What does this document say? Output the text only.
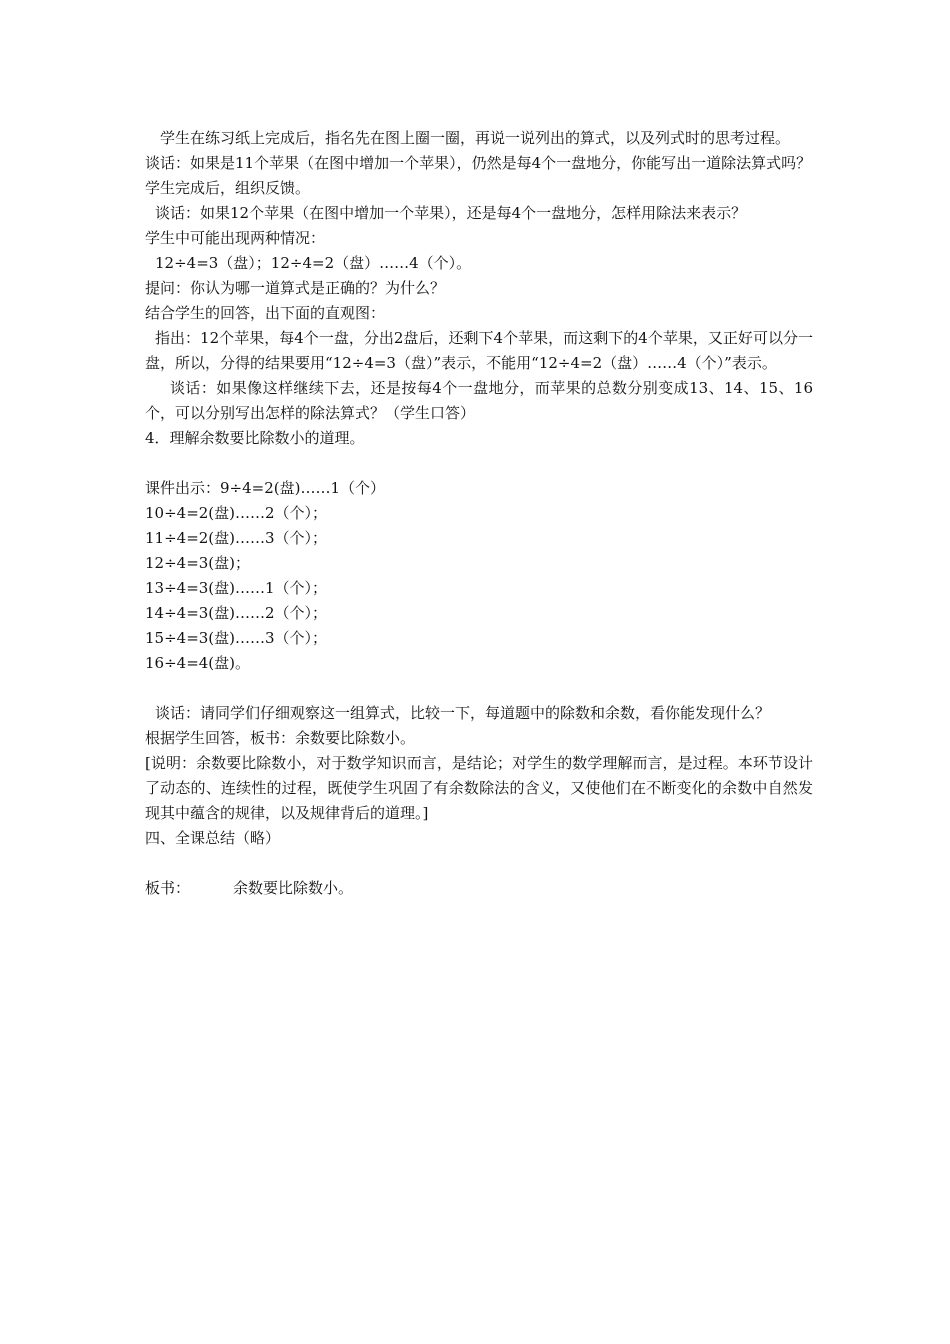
学生在练习纸上完成后，指名先在图上圈一圈，再说一说列出的算式，以及列式时的思考过程。

谈话：如果是11个苹果（在图中增加一个苹果），仍然是每4个一盘地分，你能写出一道除法算式吗？

学生完成后，组织反馈。

谈话：如果12个苹果（在图中增加一个苹果），还是每4个一盘地分，怎样用除法来表示？

学生中可能出现两种情况：

12÷4=3（盘）；12÷4=2（盘）……4（个）。

提问：你认为哪一道算式是正确的？为什么？

结合学生的回答，出下面的直观图：

指出：12个苹果，每4个一盘，分出2盘后，还剩下4个苹果，而这剩下的4个苹果，又正好可以分一盘，所以，分得的结果要用“12÷4=3（盘）”表示，不能用“12÷4=2（盘）……4（个）”表示。

谈话：如果像这样继续下去，还是按每4个一盘地分，而苹果的总数分别变成13、14、15、16个，可以分别写出怎样的除法算式？（学生口答）

4．理解余数要比除数小的道理。

课件出示：9÷4=2(盘)……1（个）

10÷4=2(盘)……2（个）；

11÷4=2(盘)……3（个）；

12÷4=3(盘)；

13÷4=3(盘)……1（个）；

14÷4=3(盘)……2（个）；

15÷4=3(盘)……3（个）；

16÷4=4(盘)。

谈话：请同学们仔细观察这一组算式，比较一下，每道题中的除数和余数，看你能发现什么？

根据学生回答，板书：余数要比除数小。

[说明：余数要比除数小，对于数学知识而言，是结论；对学生的数学理解而言，是过程。本环节设计了动态的、连续性的过程，既使学生巩固了有余数除法的含义，又使他们在不断变化的余数中自然发现其中蕴含的规律，以及规律背后的道理。]

四、全课总结（略）

板书：	余数要比除数小。
